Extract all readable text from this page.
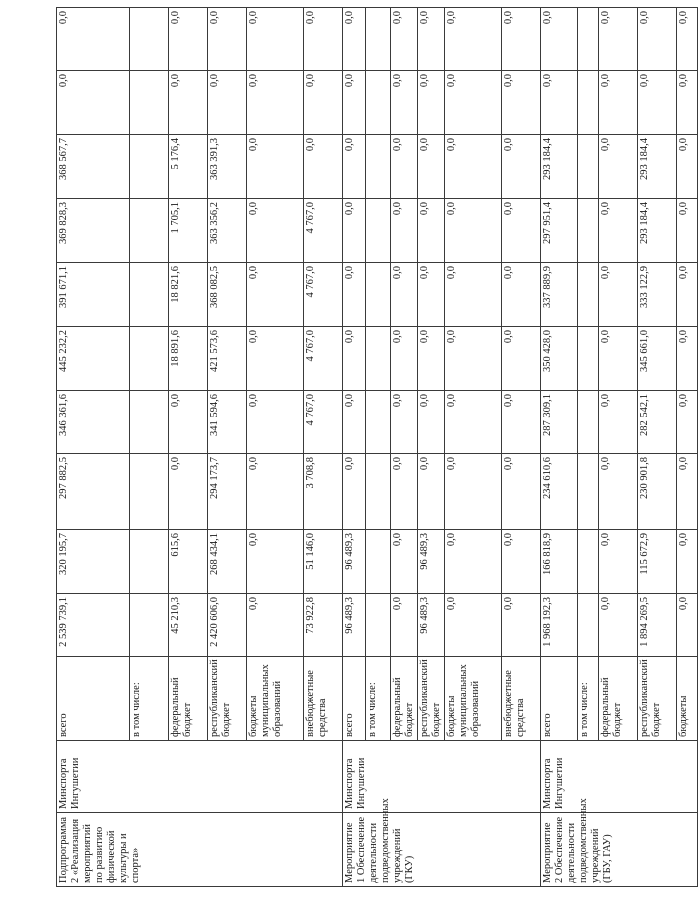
Подпрограмма 2 «Реализация мероприятий по развитию физической культуры и спорта»	Минспорта Ингушетии	всего	2 539 739,1	320 195,7	297 882,5	346 361,6	445 232,2	391 671,1	369 828,3	368 567,7	0,0	0,0
		в том числе:										
		федеральный бюджет	45 210,3	615,6	0,0	0,0	18 891,6	18 821,6	1 705,1	5 176,4	0,0	0,0
		республиканский бюджет	2 420 606,0	268 434,1	294 173,7	341 594,6	421 573,6	368 082,5	363 356,2	363 391,3	0,0	0,0
		бюджеты муниципальных образований	0,0	0,0	0,0	0,0	0,0	0,0	0,0	0,0	0,0	0,0
		внебюджетные средства	73 922,8	51 146,0	3 708,8	4 767,0	4 767,0	4 767,0	4 767,0	0,0	0,0	0,0
Мероприятие 1 Обеспечение деятельности подведомственных учреждений (ГКУ)	Минспорта Ингушетии	всего	96 489,3	96 489,3	0,0	0,0	0,0	0,0	0,0	0,0	0,0	0,0
		в том числе:										
		федеральный бюджет	0,0	0,0	0,0	0,0	0,0	0,0	0,0	0,0	0,0	0,0
		республиканский бюджет	96 489,3	96 489,3	0,0	0,0	0,0	0,0	0,0	0,0	0,0	0,0
		бюджеты муниципальных образований	0,0	0,0	0,0	0,0	0,0	0,0	0,0	0,0	0,0	0,0
		внебюджетные средства	0,0	0,0	0,0	0,0	0,0	0,0	0,0	0,0	0,0	0,0
Мероприятие 2 Обеспечение деятельности подведомственных учреждений (ГБУ, ГАУ)	Минспорта Ингушетии	всего	1 968 192,3	166 818,9	234 610,6	287 309,1	350 428,0	337 889,9	297 951,4	293 184,4	0,0	0,0
		в том числе:										
		федеральный бюджет	0,0	0,0	0,0	0,0	0,0	0,0	0,0	0,0	0,0	0,0
		республиканский бюджет	1 894 269,5	115 672,9	230 901,8	282 542,1	345 661,0	333 122,9	293 184,4	293 184,4	0,0	0,0
		бюджеты	0,0	0,0	0,0	0,0	0,0	0,0	0,0	0,0	0,0	0,0
